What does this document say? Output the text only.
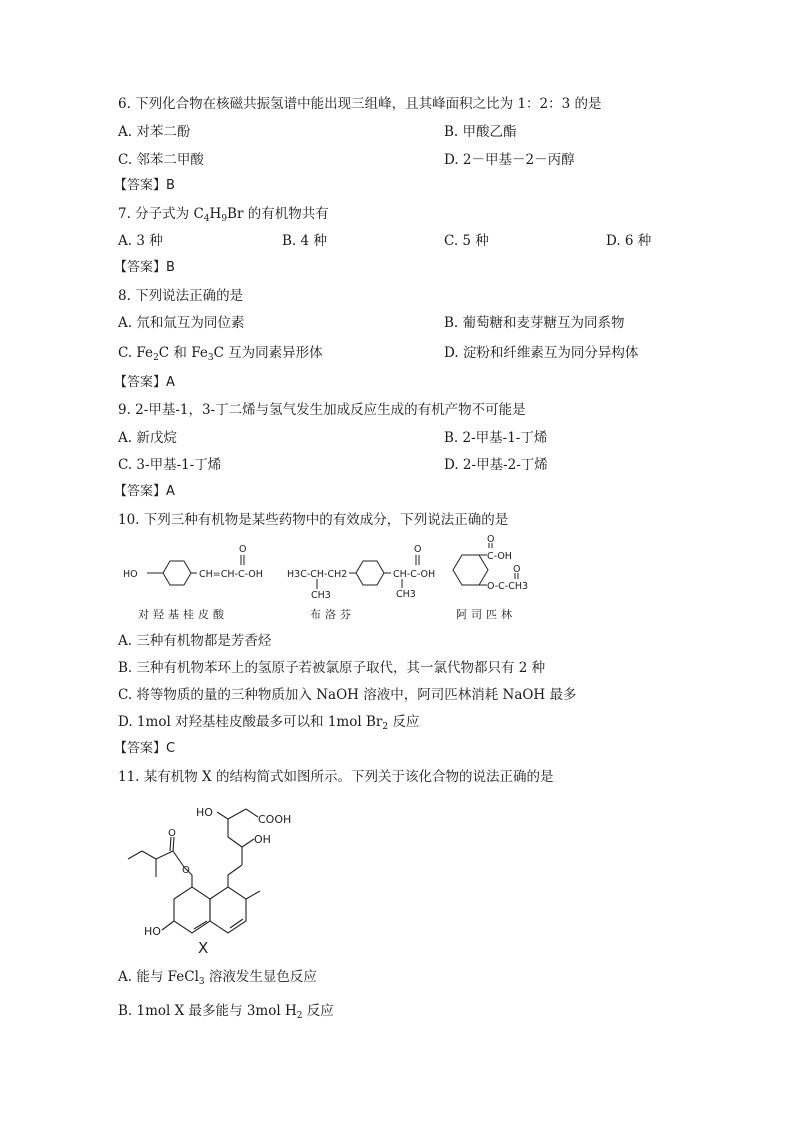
6. 下列化合物在核磁共振氢谱中能出现三组峰，且其峰面积之比为 1：2：3 的是
A. 对苯二酚	B. 甲酸乙酯
C. 邻苯二甲酸	D. 2－甲基－2－丙醇
【答案】B
7. 分子式为 $C_4H_9Br$ 的有机物共有
A. 3 种	B. 4 种	C. 5 种	D. 6 种
【答案】B
8. 下列说法正确的是
A. 氘和氚互为同位素	B. 葡萄糖和麦芽糖互为同系物
C. $Fe_2C$ 和 $Fe_3C$ 互为同素异形体	D. 淀粉和纤维素互为同分异构体
【答案】A
9. 2-甲基-1，3-丁二烯与氢气发生加成反应生成的有机产物不可能是
A. 新戊烷	B. 2-甲基-1-丁烯
C. 3-甲基-1-丁烯	D. 2-甲基-2-丁烯
【答案】A
10. 下列三种有机物是某些药物中的有效成分，下列说法正确的是
HO	CH=CH-C-OH
O
H3C-CH-CH2
CH3
CH-C-OH
CH3
O
C-OH
O
O-C-CH3
O
对羟基桂皮酸	布洛芬	阿司匹林
A. 三种有机物都是芳香烃
B. 三种有机物苯环上的氢原子若被氯原子取代，其一氯代物都只有 2 种
C. 将等物质的量的三种物质加入 NaOH 溶液中，阿司匹林消耗 NaOH 最多
D. 1mol 对羟基桂皮酸最多可以和 1mol $Br_2$ 反应
【答案】C
11. 某有机物 X 的结构简式如图所示。下列关于该化合物的说法正确的是
HO
COOH
OH
O
O
HO
X
A. 能与 FeCl$_3$ 溶液发生显色反应
B. 1mol X 最多能与 3mol $H_2$ 反应
